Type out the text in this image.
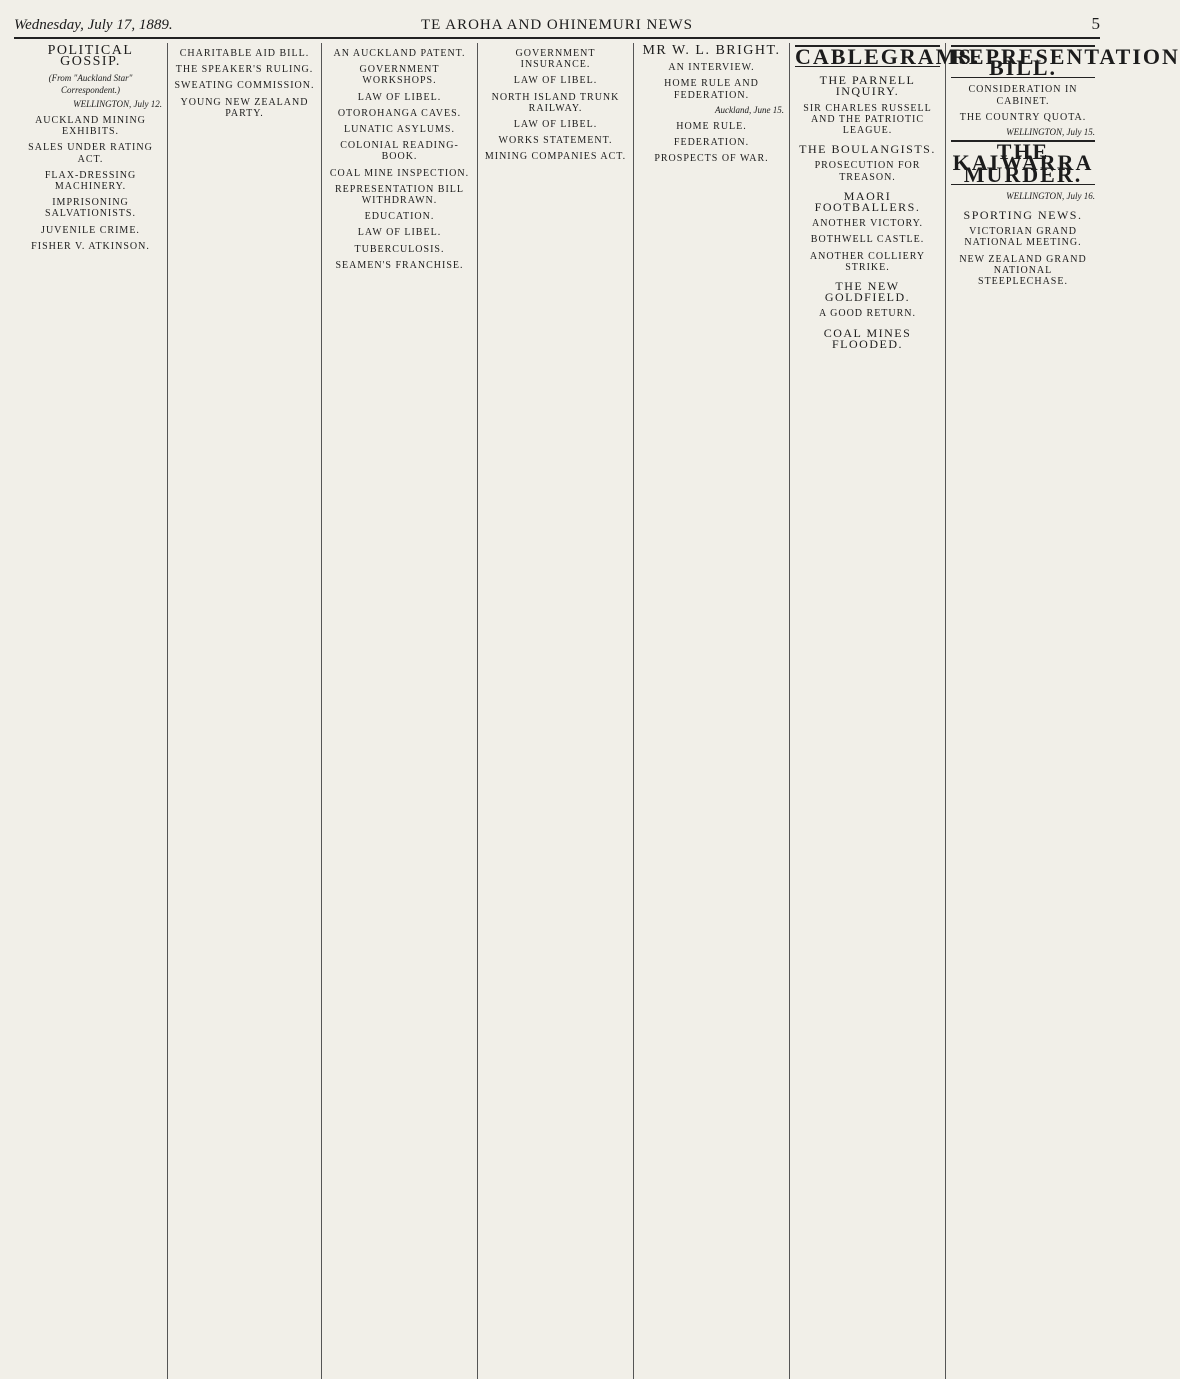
Wednesday, July 17, 1889.	TE AROHA AND OHINEMURI NEWS	5
POLITICAL GOSSIP.
(From "Auckland Star" Correspondent.)
WELLINGTON, July 12.
AUCKLAND MINING EXHIBITS.

SALES UNDER RATING ACT.

FLAX-DRESSING MACHINERY.

IMPRISONING SALVATIONISTS.

JUVENILE CRIME.

FISHER V. ATKINSON.

CHARITABLE AID BILL.

THE SPEAKER'S RULING.

SWEATING COMMISSION.

YOUNG NEW ZEALAND PARTY.

AN AUCKLAND PATENT.

GOVERNMENT WORKSHOPS.
LAW OF LIBEL.
OTOROHANGA CAVES.
LUNATIC ASYLUMS.
COLONIAL READING-BOOK.
COAL MINE INSPECTION.
REPRESENTATION BILL WITHDRAWN.
EDUCATION.
LAW OF LIBEL.
TUBERCULOSIS.
SEAMEN'S FRANCHISE.
GOVERNMENT INSURANCE.
LAW OF LIBEL.
NORTH ISLAND TRUNK RAILWAY.
LAW OF LIBEL.
WORKS STATEMENT.
MINING COMPANIES ACT.
MR W. L. BRIGHT.
AN INTERVIEW.
HOME RULE AND FEDERATION.
Auckland, June 15.
HOME RULE.
FEDERATION.
PROSPECTS OF WAR.
CABLEGRAMS.
THE PARNELL INQUIRY.
SIR CHARLES RUSSELL AND THE PATRIOTIC LEAGUE.
THE BOULANGISTS.
PROSECUTION FOR TREASON.
MAORI FOOTBALLERS.
ANOTHER VICTORY.
BOTHWELL CASTLE.
ANOTHER COLLIERY STRIKE.
THE NEW GOLDFIELD.
A GOOD RETURN.
COAL MINES FLOODED.
REPRESENTATION BILL.
CONSIDERATION IN CABINET.
THE COUNTRY QUOTA.
WELLINGTON, July 15.
THE KAIWARRA MURDER.
WELLINGTON, July 16.
SPORTING NEWS.
VICTORIAN GRAND NATIONAL MEETING.
NEW ZEALAND GRAND NATIONAL STEEPLECHASE.
